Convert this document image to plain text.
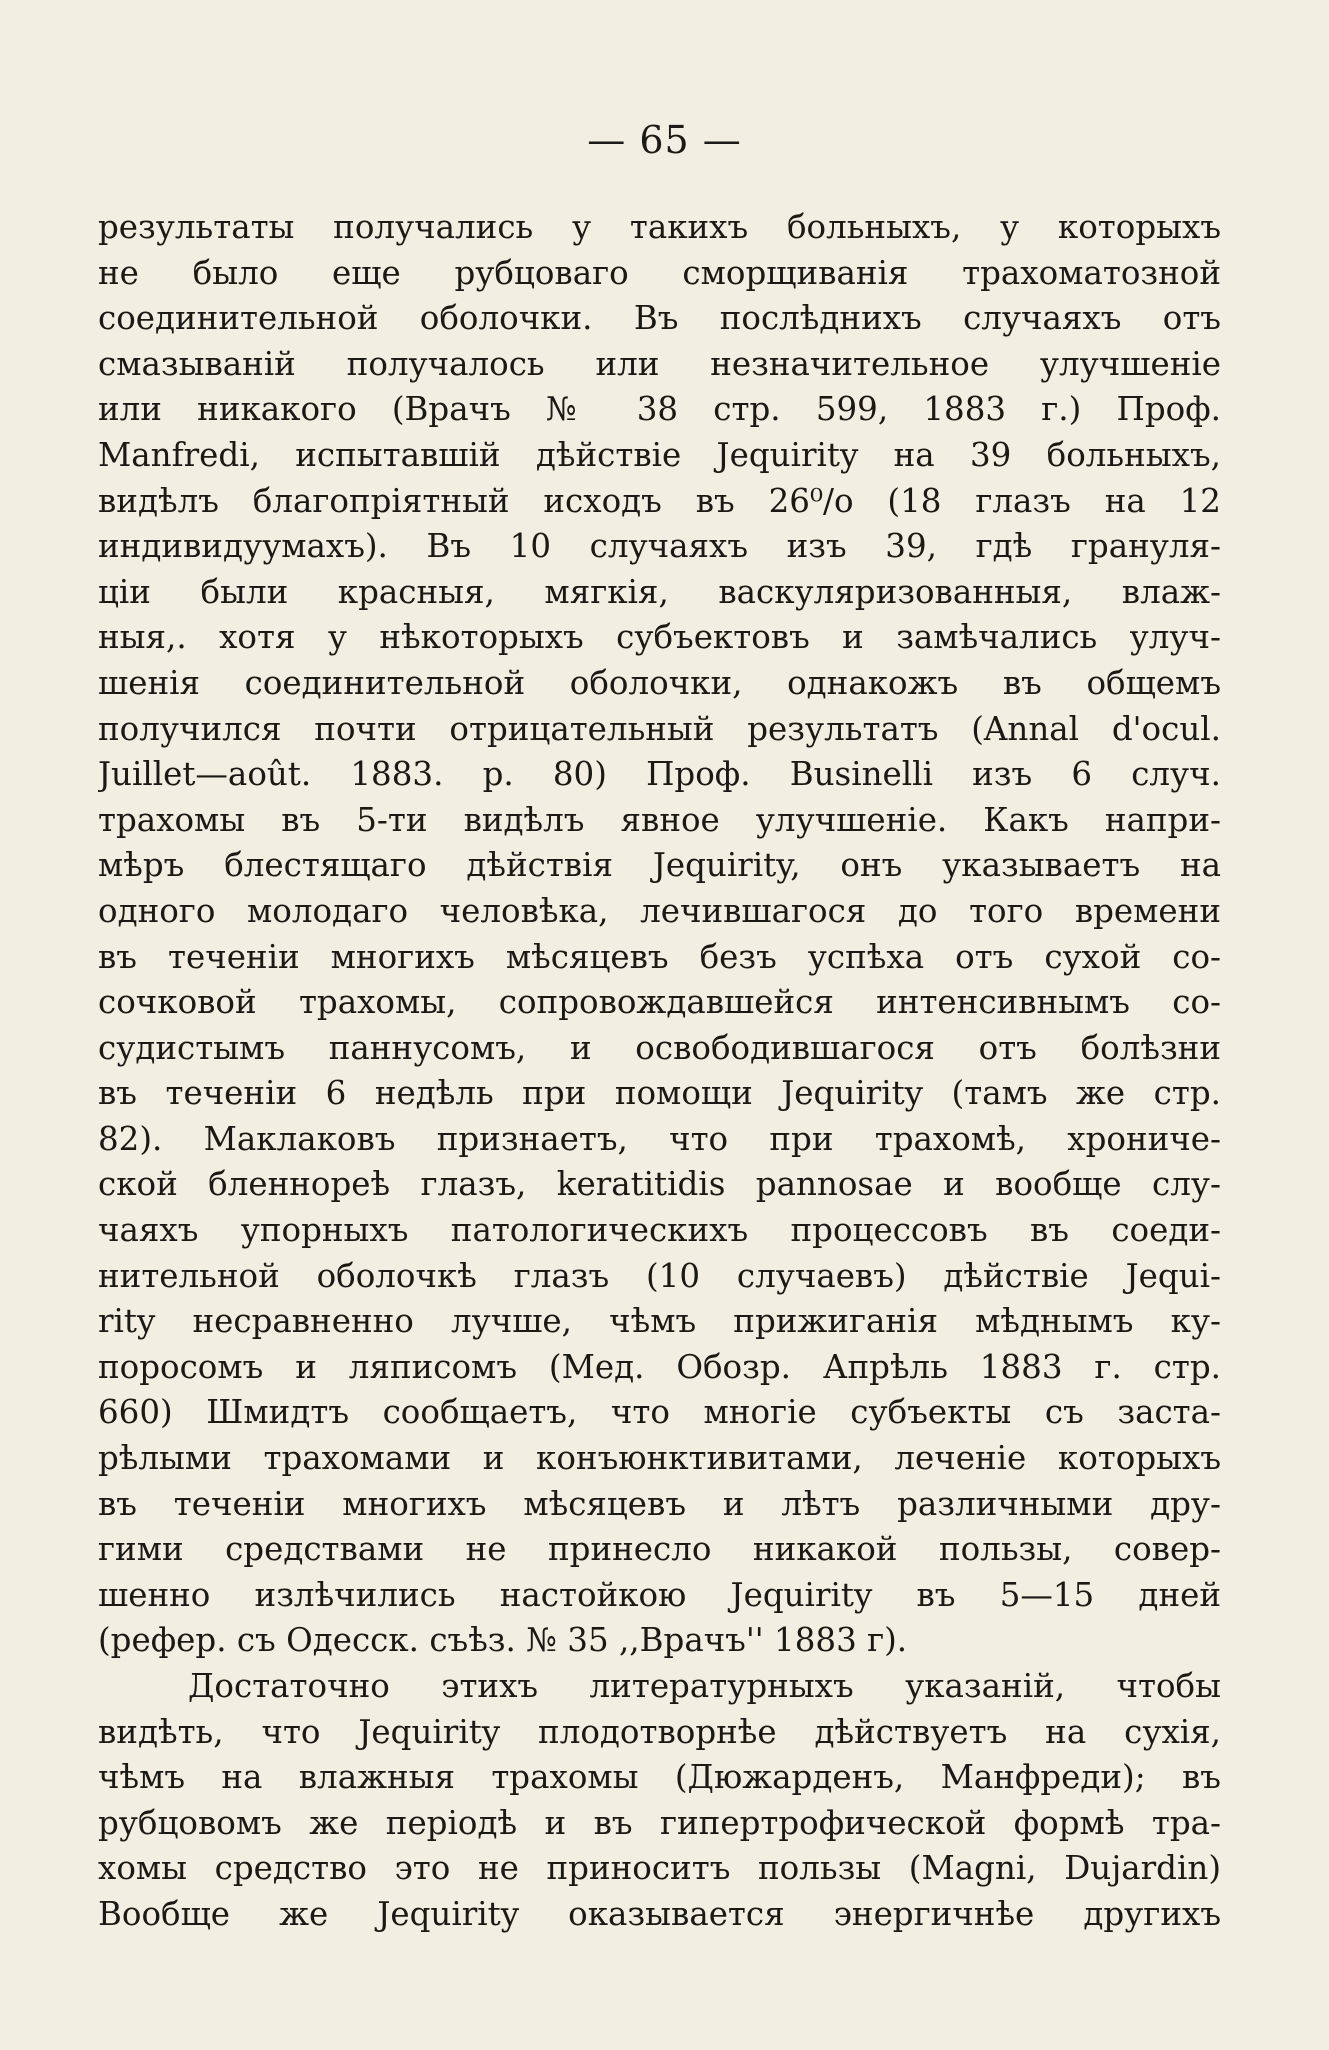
— 65 —
результаты получались у такихъ больныхъ, у которыхъ
не было еще рубцоваго сморщиванія трахоматозной
соединительной оболочки. Въ послѣднихъ случаяхъ отъ
смазываній получалось или незначительное улучшеніе
или никакого (Врачъ № 38 стр. 599, 1883 г.) Проф.
Manfredi, испытавшій дѣйствіе Jequirity на 39 больныхъ,
видѣлъ благопріятный исходъ въ 26⁰/о (18 глазъ на 12
индивидуумахъ). Въ 10 случаяхъ изъ 39, гдѣ грануля-
ціи были красныя, мягкія, васкуляризованныя, влаж-
ныя,. хотя у нѣкоторыхъ субъектовъ и замѣчались улуч-
шенія соединительной оболочки, однакожъ въ общемъ
получился почти отрицательный результатъ (Annal d'ocul.
Juillet—août. 1883. p. 80) Проф. Businelli изъ 6 случ.
трахомы въ 5-ти видѣлъ явное улучшеніе. Какъ напри-
мѣръ блестящаго дѣйствія Jequirity, онъ указываетъ на
одного молодаго человѣка, лечившагося до того времени
въ теченіи многихъ мѣсяцевъ безъ успѣха отъ сухой со-
сочковой трахомы, сопровождавшейся интенсивнымъ со-
судистымъ паннусомъ, и освободившагося отъ болѣзни
въ теченіи 6 недѣль при помощи Jequirity (тамъ же стр.
82). Маклаковъ признаетъ, что при трахомѣ, хрониче-
ской бленнореѣ глазъ, keratitidis pannosae и вообще слу-
чаяхъ упорныхъ патологическихъ процессовъ въ соеди-
нительной оболочкѣ глазъ (10 случаевъ) дѣйствіе Jequi-
rity несравненно лучше, чѣмъ прижиганія мѣднымъ ку-
поросомъ и ляписомъ (Мед. Обозр. Апрѣль 1883 г. стр.
660) Шмидтъ сообщаетъ, что многіе субъекты съ заста-
рѣлыми трахомами и конъюнктивитами, леченіе которыхъ
въ теченіи многихъ мѣсяцевъ и лѣтъ различными дру-
гими средствами не принесло никакой пользы, совер-
шенно излѣчились настойкою Jequirity въ 5—15 дней
(рефер. съ Одесск. съѣз. № 35 ,,Врачъ'' 1883 г).
Достаточно этихъ литературныхъ указаній, чтобы
видѣть, что Jequirity плодотворнѣе дѣйствуетъ на сухія,
чѣмъ на влажныя трахомы (Дюжарденъ, Манфреди); въ
рубцовомъ же періодѣ и въ гипертрофической формѣ тра-
хомы средство это не приноситъ пользы (Magni, Dujardin)
Вообще же Jequirity оказывается энергичнѣе другихъ
